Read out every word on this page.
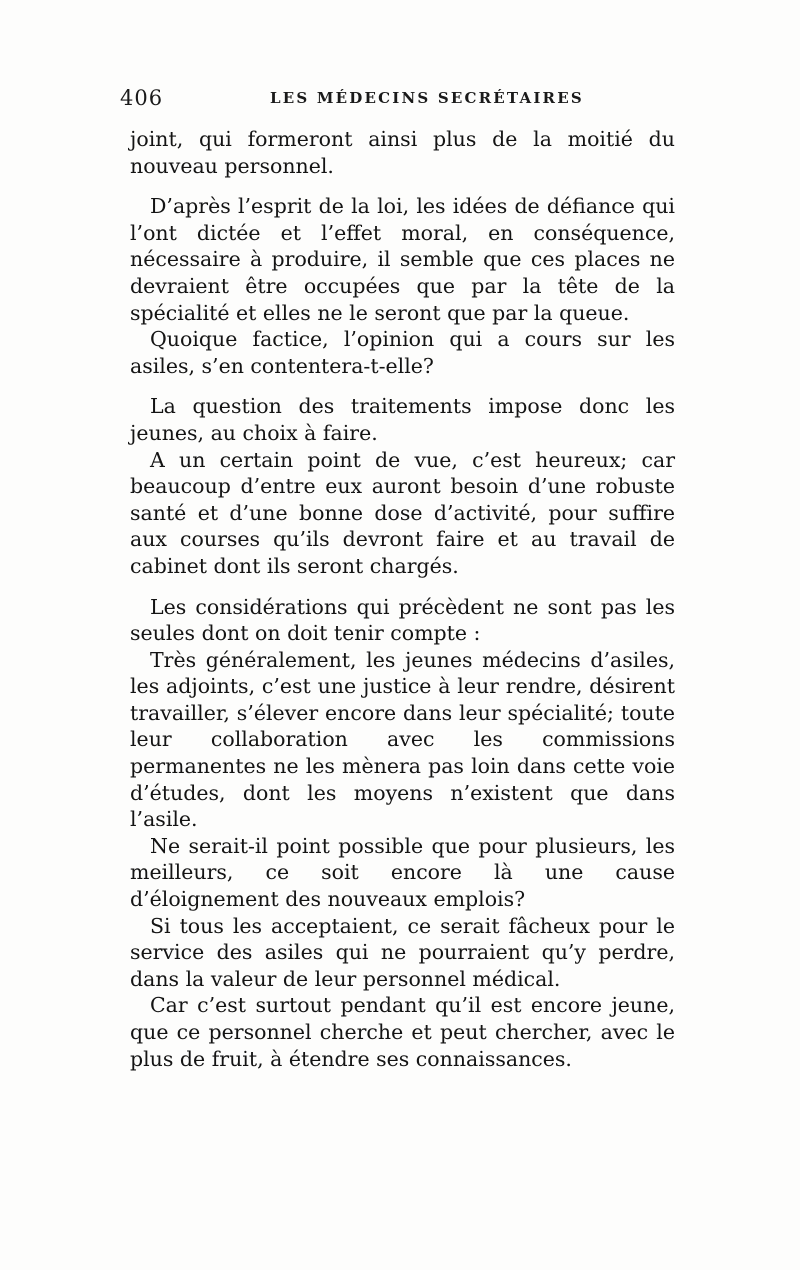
406	LES MÉDECINS SECRÉTAIRES

joint, qui formeront ainsi plus de la moitié du nouveau personnel.

D’après l’esprit de la loi, les idées de défiance qui l’ont dictée et l’effet moral, en conséquence, nécessaire à produire, il semble que ces places ne devraient être occupées que par la tête de la spécialité et elles ne le seront que par la queue.

Quoique factice, l’opinion qui a cours sur les asiles, s’en contentera-t-elle?

La question des traitements impose donc les jeunes, au choix à faire.

A un certain point de vue, c’est heureux; car beaucoup d’entre eux auront besoin d’une robuste santé et d’une bonne dose d’activité, pour suffire aux courses qu’ils devront faire et au travail de cabinet dont ils seront chargés.

Les considérations qui précèdent ne sont pas les seules dont on doit tenir compte :

Très généralement, les jeunes médecins d’asiles, les adjoints, c’est une justice à leur rendre, désirent travailler, s’élever encore dans leur spécialité; toute leur collaboration avec les commissions permanentes ne les mènera pas loin dans cette voie d’études, dont les moyens n’existent que dans l’asile.

Ne serait-il point possible que pour plusieurs, les meilleurs, ce soit encore là une cause d’éloignement des nouveaux emplois?

Si tous les acceptaient, ce serait fâcheux pour le service des asiles qui ne pourraient qu’y perdre, dans la valeur de leur personnel médical.

Car c’est surtout pendant qu’il est encore jeune, que ce personnel cherche et peut chercher, avec le plus de fruit, à étendre ses connaissances.
